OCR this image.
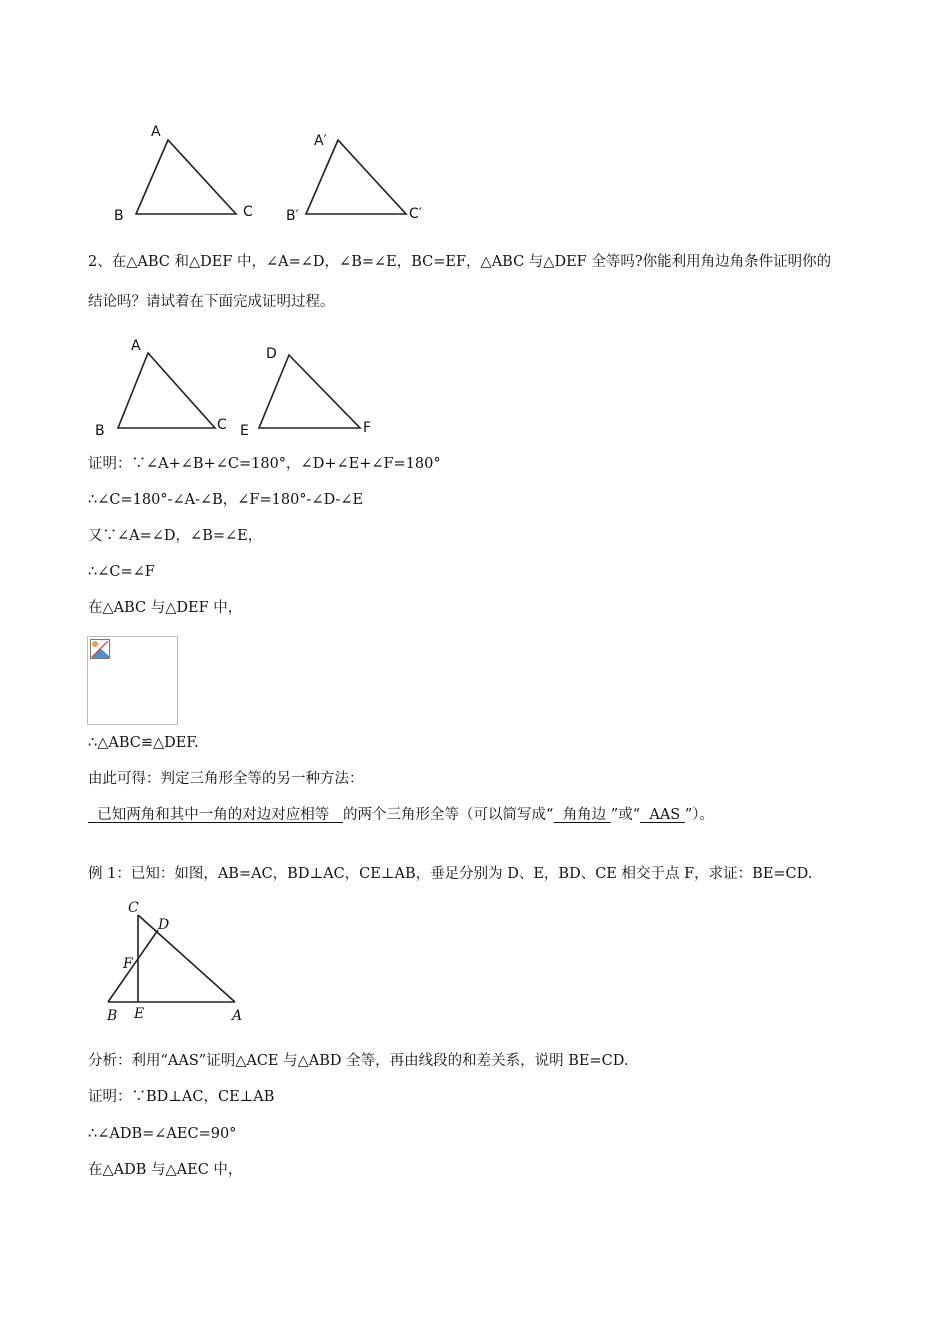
A
B	C
A′
B′	C′
2、在△ABC 和△DEF 中，∠A=∠D，∠B=∠E，BC=EF，△ABC 与△DEF 全等吗?你能利用角边角条件证明你的
结论吗？请试着在下面完成证明过程。
A
B	C
D
E	F
证明：∵∠A+∠B+∠C=180°，∠D+∠E+∠F=180°
∴∠C=180°-∠A-∠B，∠F=180°-∠D-∠E
又∵∠A=∠D，∠B=∠E，
∴∠C=∠F
在△ABC 与△DEF 中，
∴△ABC≌△DEF.
由此可得：判定三角形全等的另一种方法：
已知两角和其中一角的对边对应相等 的两个三角形全等（可以简写成“ 角角边 ”或“ AAS ”）。
例 1：已知：如图，AB=AC，BD⊥AC，CE⊥AB，垂足分别为 D、E，BD、CE 相交于点 F，求证：BE=CD.
C
D
F
B E	A
分析：利用“AAS”证明△ACE 与△ABD 全等，再由线段的和差关系，说明 BE=CD.
证明：∵BD⊥AC，CE⊥AB
∴∠ADB=∠AEC=90°
在△ADB 与△AEC 中，
